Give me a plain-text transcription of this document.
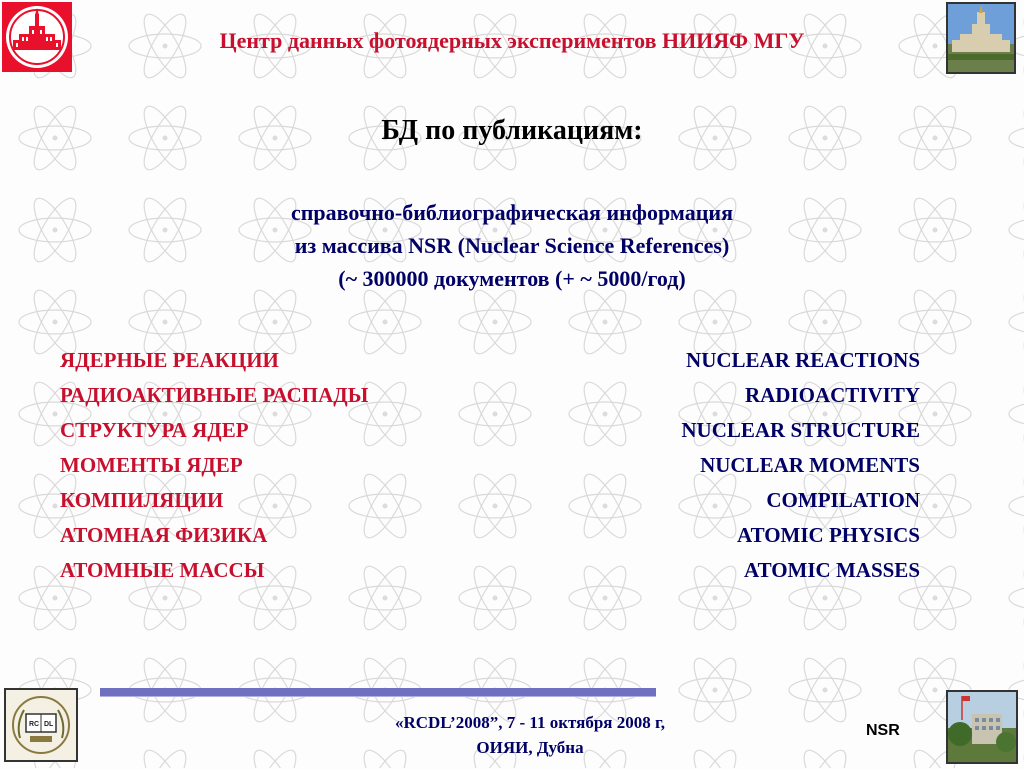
Центр данных фотоядерных экспериментов НИИЯФ МГУ
БД по публикациям:
справочно-библиографическая информация
из массива NSR (Nuclear Science References)
(~ 300000 документов (+ ~ 5000/год)
ЯДЕРНЫЕ РЕАКЦИИ
РАДИОАКТИВНЫЕ РАСПАДЫ
СТРУКТУРА ЯДЕР
МОМЕНТЫ ЯДЕР
КОМПИЛЯЦИИ
АТОМНАЯ ФИЗИКА
АТОМНЫЕ МАССЫ
NUCLEAR REACTIONS
RADIOACTIVITY
NUCLEAR STRUCTURE
NUCLEAR MOMENTS
COMPILATION
ATOMIC PHYSICS
ATOMIC MASSES
RC DL	«RCDL’2008”, 7 - 11 октября 2008 г,
ОИЯИ, Дубна
NSR
